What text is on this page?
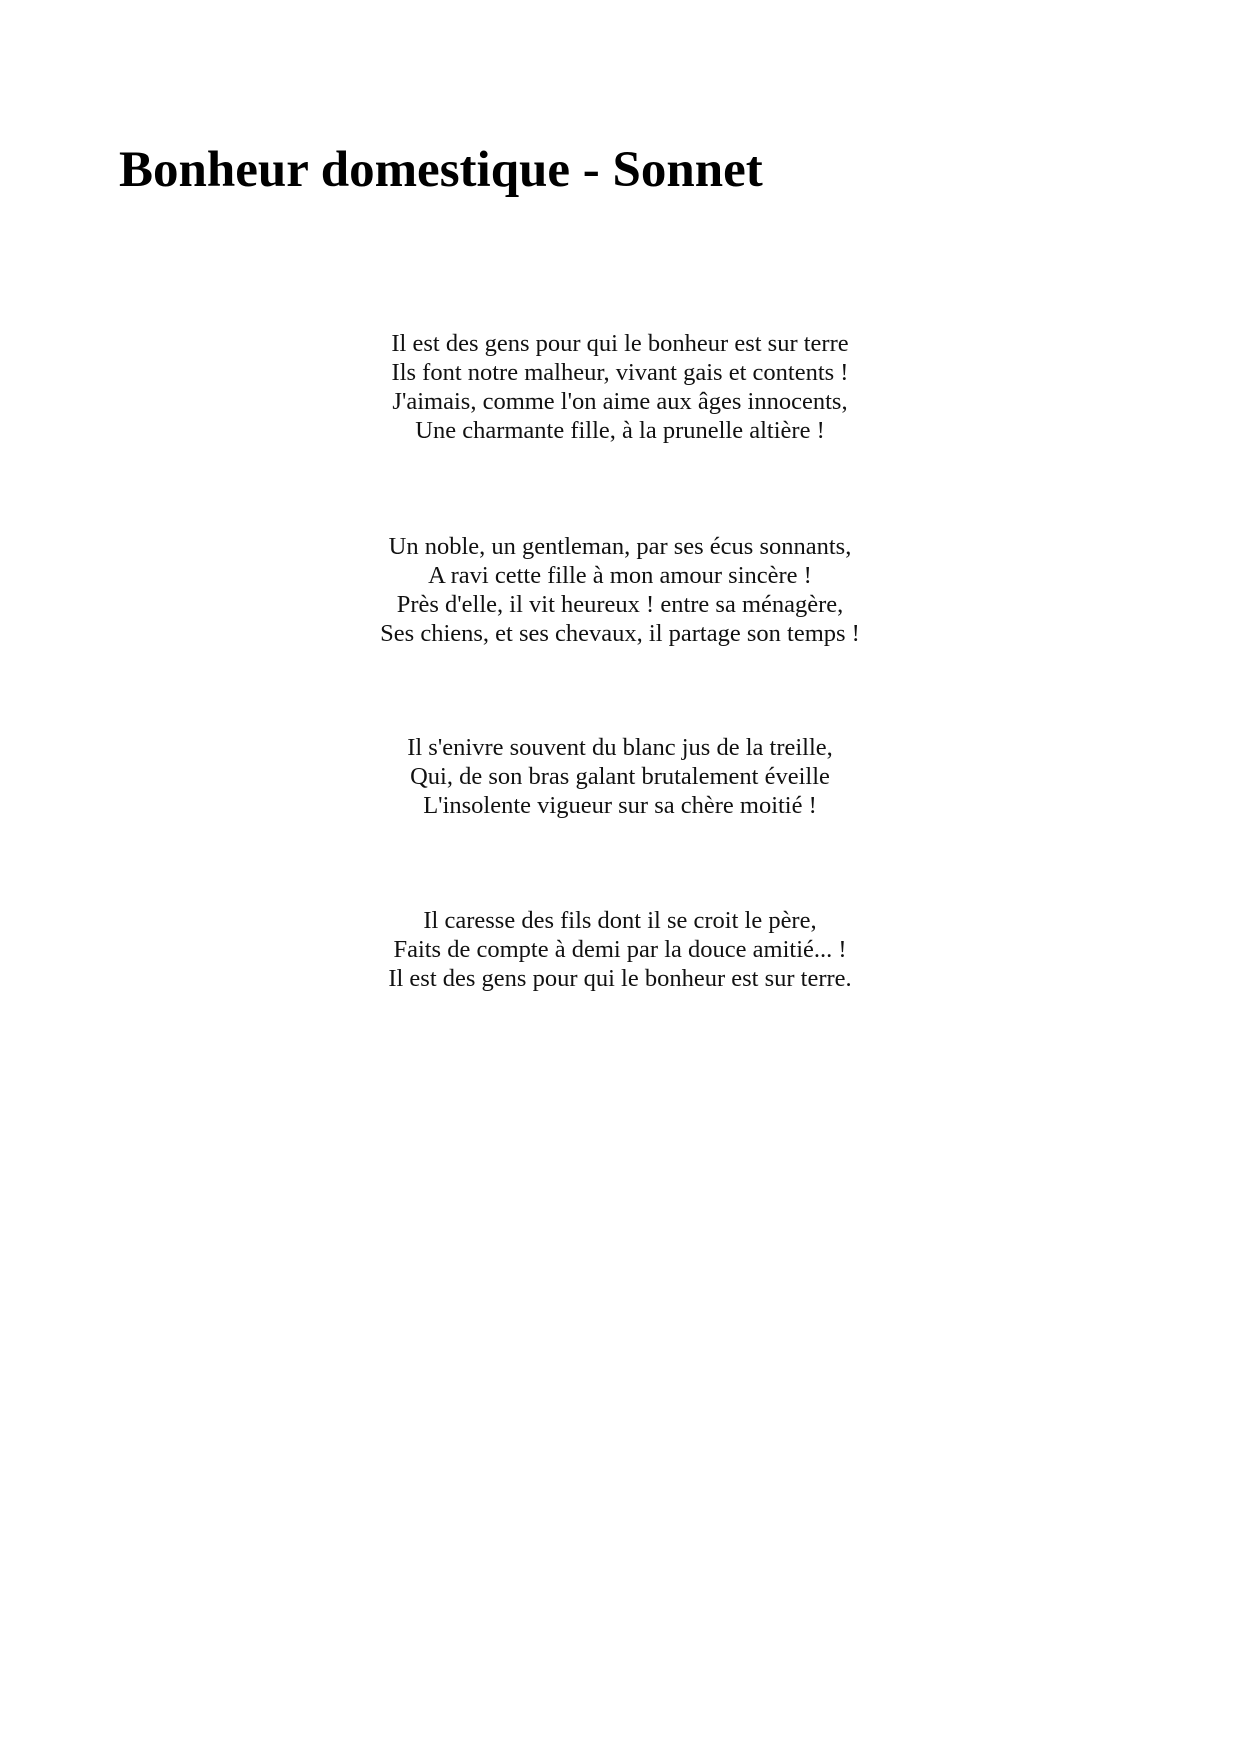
Bonheur domestique - Sonnet
Il est des gens pour qui le bonheur est sur terre
Ils font notre malheur, vivant gais et contents !
J'aimais, comme l'on aime aux âges innocents,
Une charmante fille, à la prunelle altière !
Un noble, un gentleman, par ses écus sonnants,
A ravi cette fille à mon amour sincère !
Près d'elle, il vit heureux ! entre sa ménagère,
Ses chiens, et ses chevaux, il partage son temps !
Il s'enivre souvent du blanc jus de la treille,
Qui, de son bras galant brutalement éveille
L'insolente vigueur sur sa chère moitié !
Il caresse des fils dont il se croit le père,
Faits de compte à demi par la douce amitié... !
Il est des gens pour qui le bonheur est sur terre.
